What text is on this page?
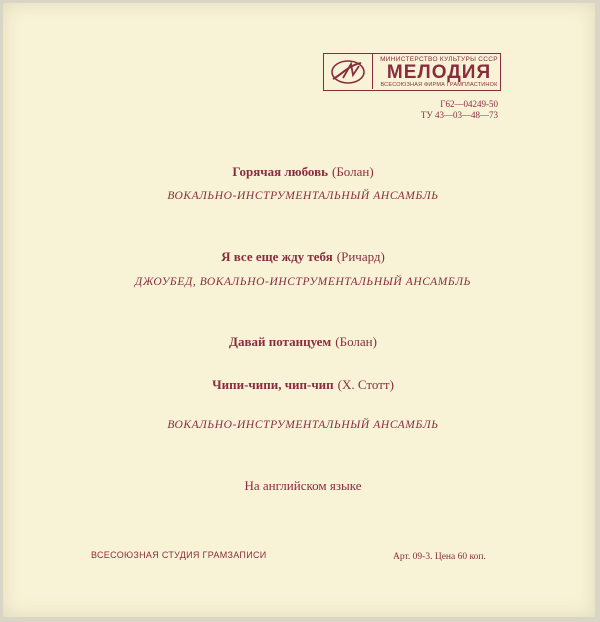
МИНИСТЕРСТВО КУЛЬТУРЫ СССР
МЕЛОДИЯ
ВСЕСОЮЗНАЯ ФИРМА ГРАМПЛАСТИНОК
Г62—04249-50
ТУ 43—03—48—73
Горячая любовь (Болан)
ВОКАЛЬНО-ИНСТРУМЕНТАЛЬНЫЙ АНСАМБЛЬ
Я все еще жду тебя (Ричард)
ДЖОУБЕД, ВОКАЛЬНО-ИНСТРУМЕНТАЛЬНЫЙ АНСАМБЛЬ
Давай потанцуем (Болан)
Чипи-чипи, чип-чип (Х. Стотт)
ВОКАЛЬНО-ИНСТРУМЕНТАЛЬНЫЙ АНСАМБЛЬ
На английском языке
ВСЕСОЮЗНАЯ СТУДИЯ ГРАМЗАПИСИ	Арт. 09-3. Цена 60 коп.
